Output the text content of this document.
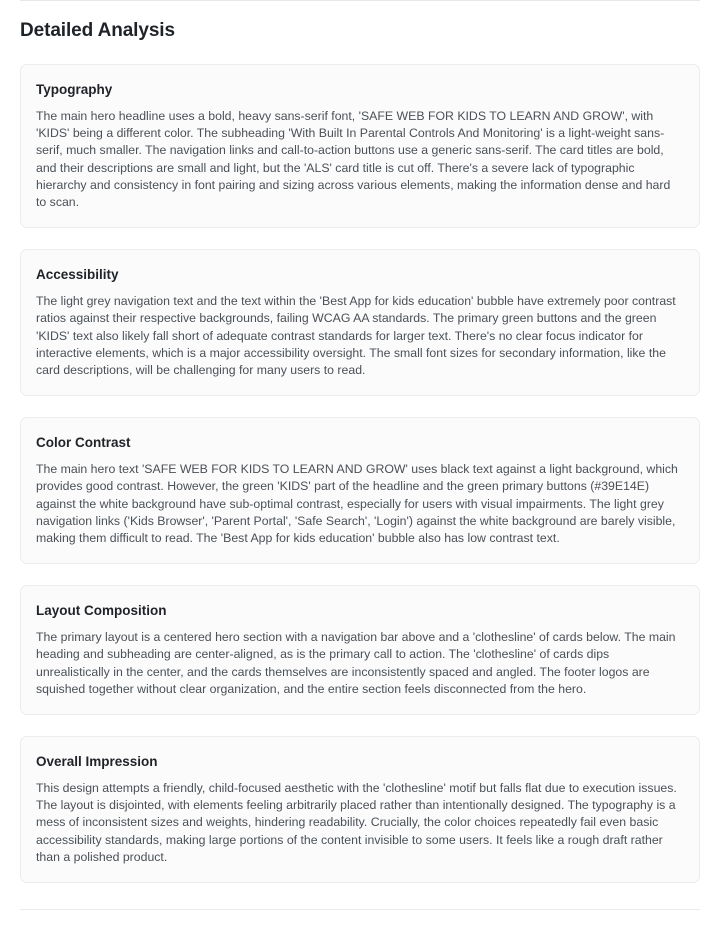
Detailed Analysis
Typography

The main hero headline uses a bold, heavy sans-serif font, 'SAFE WEB FOR KIDS TO LEARN AND GROW', with 'KIDS' being a different color. The subheading 'With Built In Parental Controls And Monitoring' is a light-weight sans-serif, much smaller. The navigation links and call-to-action buttons use a generic sans-serif. The card titles are bold, and their descriptions are small and light, but the 'ALS' card title is cut off. There's a severe lack of typographic hierarchy and consistency in font pairing and sizing across various elements, making the information dense and hard to scan.

Accessibility

The light grey navigation text and the text within the 'Best App for kids education' bubble have extremely poor contrast ratios against their respective backgrounds, failing WCAG AA standards. The primary green buttons and the green 'KIDS' text also likely fall short of adequate contrast standards for larger text. There's no clear focus indicator for interactive elements, which is a major accessibility oversight. The small font sizes for secondary information, like the card descriptions, will be challenging for many users to read.

Color Contrast

The main hero text 'SAFE WEB FOR KIDS TO LEARN AND GROW' uses black text against a light background, which provides good contrast. However, the green 'KIDS' part of the headline and the green primary buttons (#39E14E) against the white background have sub-optimal contrast, especially for users with visual impairments. The light grey navigation links ('Kids Browser', 'Parent Portal', 'Safe Search', 'Login') against the white background are barely visible, making them difficult to read. The 'Best App for kids education' bubble also has low contrast text.

Layout Composition

The primary layout is a centered hero section with a navigation bar above and a 'clothesline' of cards below. The main heading and subheading are center-aligned, as is the primary call to action. The 'clothesline' of cards dips unrealistically in the center, and the cards themselves are inconsistently spaced and angled. The footer logos are squished together without clear organization, and the entire section feels disconnected from the hero.

Overall Impression

This design attempts a friendly, child-focused aesthetic with the 'clothesline' motif but falls flat due to execution issues. The layout is disjointed, with elements feeling arbitrarily placed rather than intentionally designed. The typography is a mess of inconsistent sizes and weights, hindering readability. Crucially, the color choices repeatedly fail even basic accessibility standards, making large portions of the content invisible to some users. It feels like a rough draft rather than a polished product.
